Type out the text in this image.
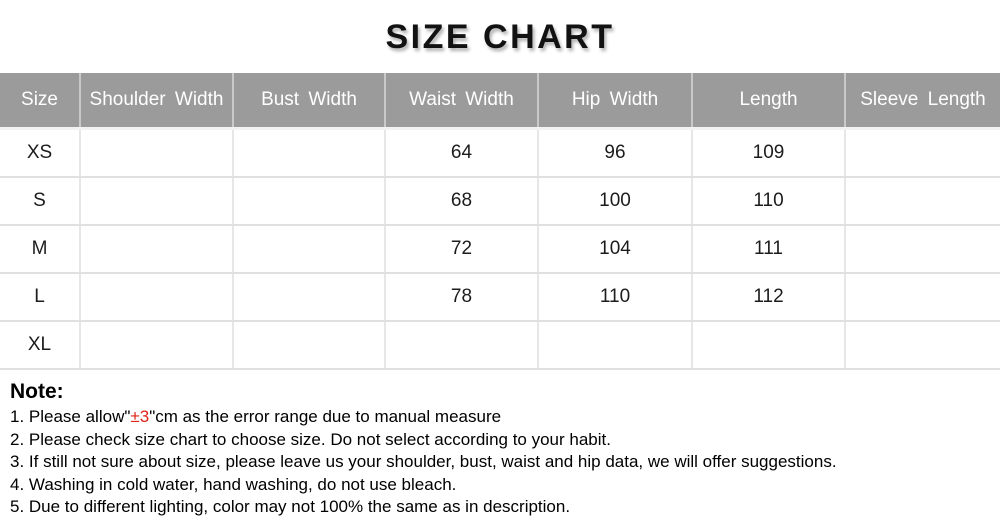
SIZE CHART
Size	Shoulder Width	Bust Width	Waist Width	Hip Width	Length	Sleeve Length
XS			64	96	109	
S			68	100	110	
M			72	104	111	
L			78	110	112	
XL						
Note:
1. Please allow"±3"cm as the error range due to manual measure
2. Please check size chart to choose size. Do not select according to your habit.
3. If still not sure about size, please leave us your shoulder, bust, waist and hip data, we will offer suggestions.
4. Washing in cold water, hand washing, do not use bleach.
5. Due to different lighting, color may not 100% the same as in description.
